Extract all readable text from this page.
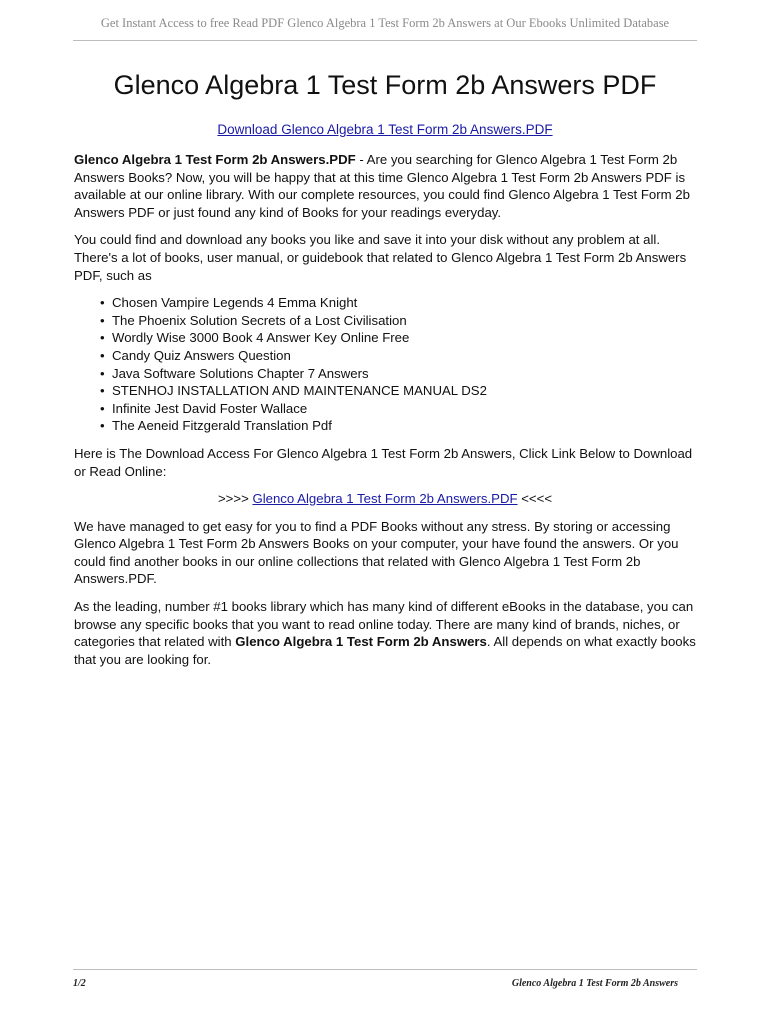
Get Instant Access to free Read PDF Glenco Algebra 1 Test Form 2b Answers at Our Ebooks Unlimited Database
Glenco Algebra 1 Test Form 2b Answers PDF
Download Glenco Algebra 1 Test Form 2b Answers.PDF

Glenco Algebra 1 Test Form 2b Answers.PDF - Are you searching for Glenco Algebra 1 Test Form 2b Answers Books? Now, you will be happy that at this time Glenco Algebra 1 Test Form 2b Answers PDF is available at our online library. With our complete resources, you could find Glenco Algebra 1 Test Form 2b Answers PDF or just found any kind of Books for your readings everyday.

You could find and download any books you like and save it into your disk without any problem at all. There's a lot of books, user manual, or guidebook that related to Glenco Algebra 1 Test Form 2b Answers PDF, such as

• Chosen Vampire Legends 4 Emma Knight
• The Phoenix Solution Secrets of a Lost Civilisation
• Wordly Wise 3000 Book 4 Answer Key Online Free
• Candy Quiz Answers Question
• Java Software Solutions Chapter 7 Answers
• STENHOJ INSTALLATION AND MAINTENANCE MANUAL DS2
• Infinite Jest David Foster Wallace
• The Aeneid Fitzgerald Translation Pdf

Here is The Download Access For Glenco Algebra 1 Test Form 2b Answers, Click Link Below to Download or Read Online:

>>>> Glenco Algebra 1 Test Form 2b Answers.PDF <<<<

We have managed to get easy for you to find a PDF Books without any stress. By storing or accessing Glenco Algebra 1 Test Form 2b Answers Books on your computer, your have found the answers. Or you could find another books in our online collections that related with Glenco Algebra 1 Test Form 2b Answers.PDF.

As the leading, number #1 books library which has many kind of different eBooks in the database, you can browse any specific books that you want to read online today. There are many kind of brands, niches, or categories that related with Glenco Algebra 1 Test Form 2b Answers. All depends on what exactly books that you are looking for.

1/2	Glenco Algebra 1 Test Form 2b Answers
